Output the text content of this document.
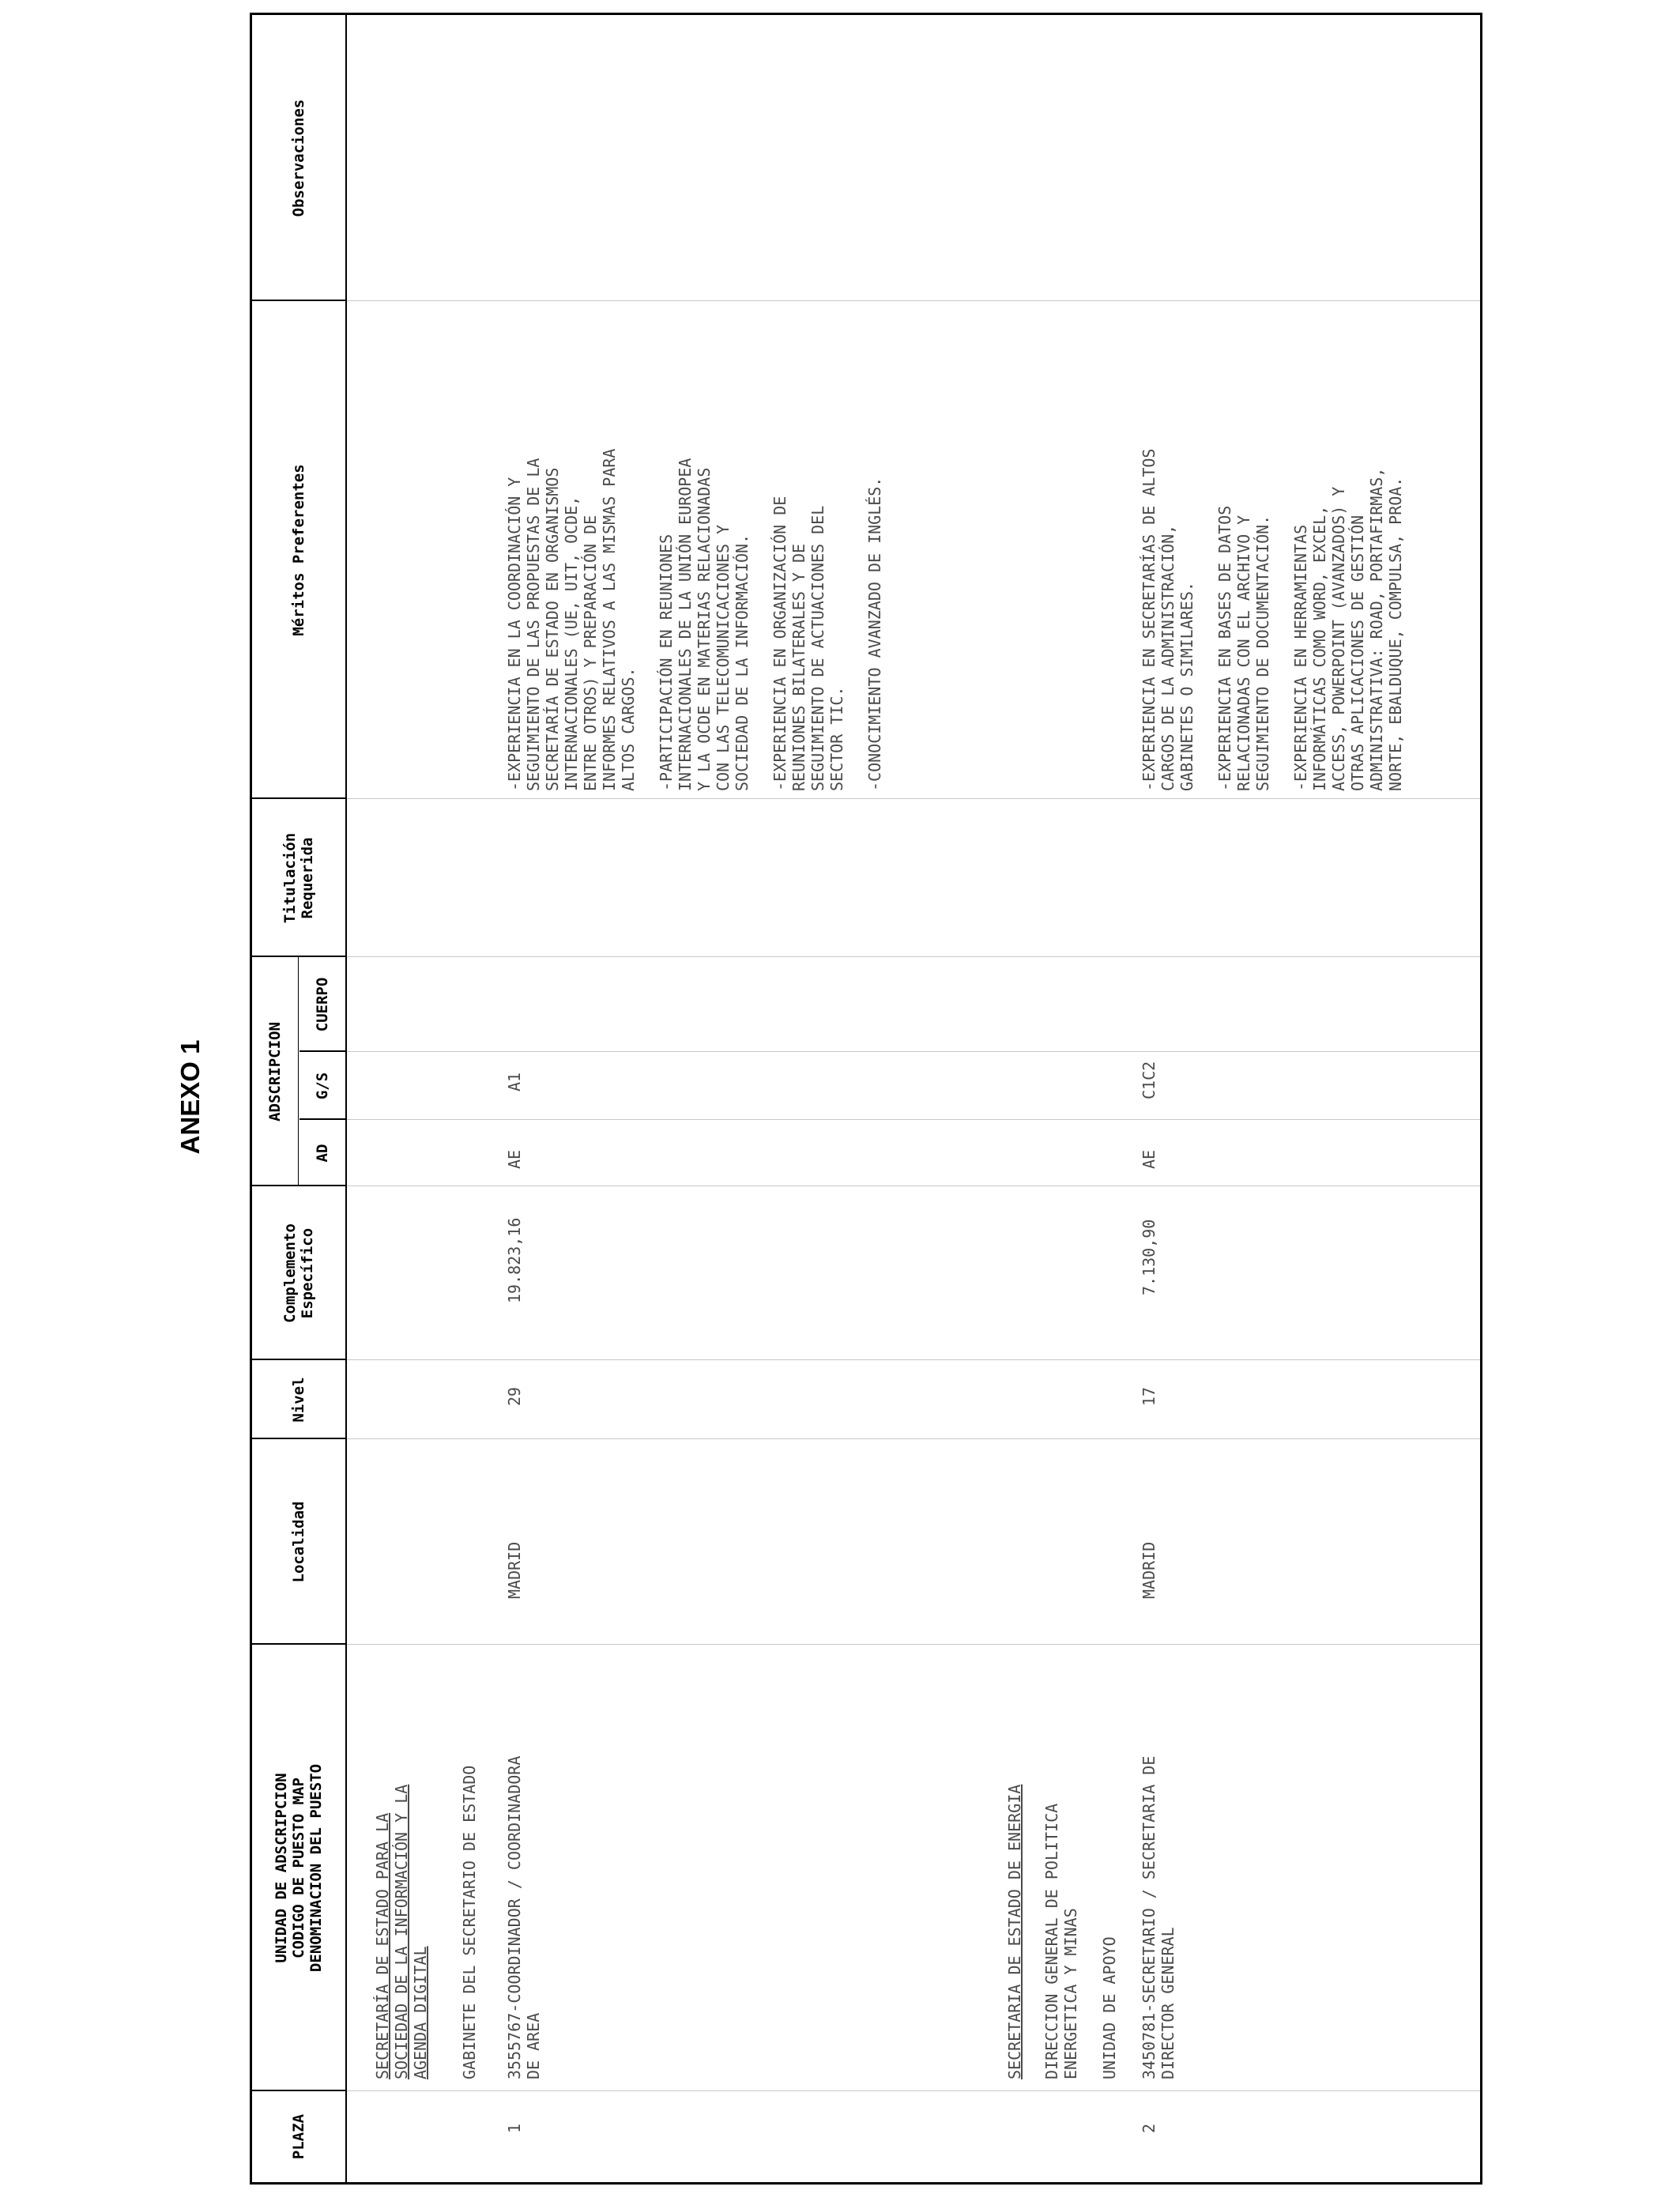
ANEXO 1
PLAZA
UNIDAD DE ADSCRIPCION CODIGO DE PUESTO MAP DENOMINACION DEL PUESTO
Localidad
Nivel
Complemento Específico
ADSCRIPCION
AD
G/S
CUERPO
Titulación Requerida
Méritos Preferentes
Observaciones
SECRETARÍA DE ESTADO PARA LA SOCIEDAD DE LA INFORMACIÓN Y LA AGENDA DIGITAL GABINETE DEL SECRETARIO DE ESTADO
1
3555767-COORDINADOR / COORDINADORA DE AREA
MADRID
29
19.823,16
AE
A1

-EXPERIENCIA EN LA COORDINACIÓN Y
SEGUIMIENTO DE LAS PROPUESTAS DE LA
SECRETARÍA DE ESTADO EN ORGANISMOS
INTERNACIONALES (UE, UIT, OCDE,
ENTRE OTROS) Y PREPARACIÓN DE
INFORMES RELATIVOS A LAS MISMAS PARA
ALTOS CARGOS. -PARTICIPACIÓN EN REUNIONES
INTERNACIONALES DE LA UNIÓN EUROPEA
Y LA OCDE EN MATERIAS RELACIONADAS
CON LAS TELECOMUNICACIONES Y
SOCIEDAD DE LA INFORMACIÓN. -EXPERIENCIA EN ORGANIZACIÓN DE
REUNIONES BILATERALES Y DE
SEGUIMIENTO DE ACTUACIONES DEL
SECTOR TIC. -CONOCIMIENTO AVANZADO DE INGLÉS.

SECRETARIA DE ESTADO DE ENERGIA DIRECCION GENERAL DE POLITICA ENERGETICA Y MINAS UNIDAD DE APOYO
2
3450781-SECRETARIO / SECRETARIA DE DIRECTOR GENERAL
MADRID
17
7.130,90
AE
C1C2

-EXPERIENCIA EN SECRETARÍAS DE ALTOS
CARGOS DE LA ADMINISTRACIÓN,
GABINETES O SIMILARES. -EXPERIENCIA EN BASES DE DATOS
RELACIONADAS CON EL ARCHIVO Y
SEGUIMIENTO DE DOCUMENTACIÓN. -EXPERIENCIA EN HERRAMIENTAS
INFORMÁTICAS COMO WORD, EXCEL,
ACCESS, POWERPOINT (AVANZADOS) Y
OTRAS APLICACIONES DE GESTIÓN
ADMINISTRATIVA: ROAD, PORTAFIRMAS,
NORTE, EBALDUQUE, COMPULSA, PROA.
